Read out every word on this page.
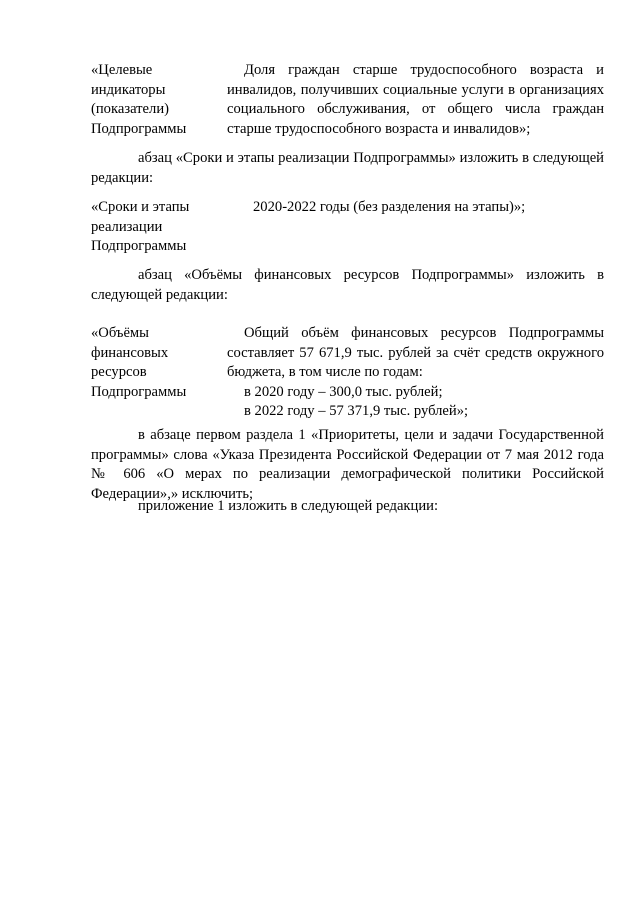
«Целевые
индикаторы
(показатели)
Подпрограммы
Доля граждан старше трудоспособного возраста и инвалидов, получивших социальные услуги в организациях социального обслуживания, от общего числа граждан старше трудоспособного возраста и инвалидов»;

абзац «Сроки и этапы реализации Подпрограммы» изложить в следующей редакции:

«Сроки и этапы
реализации
Подпрограммы
2020-2022 годы (без разделения на этапы)»;

абзац «Объёмы финансовых ресурсов Подпрограммы» изложить в следующей редакции:

«Объёмы
финансовых
ресурсов
Подпрограммы
Общий объём финансовых ресурсов Подпрограммы составляет 57 671,9 тыс. рублей за счёт средств окружного бюджета, в том числе по годам:
в 2020 году – 300,0 тыс. рублей;
в 2022 году – 57 371,9 тыс. рублей»;

в абзаце первом раздела 1 «Приоритеты, цели и задачи Государственной программы» слова «Указа Президента Российской Федерации от 7 мая 2012 года № 606 «О мерах по реализации демографической политики Российской Федерации»,» исключить;

приложение 1 изложить в следующей редакции:
